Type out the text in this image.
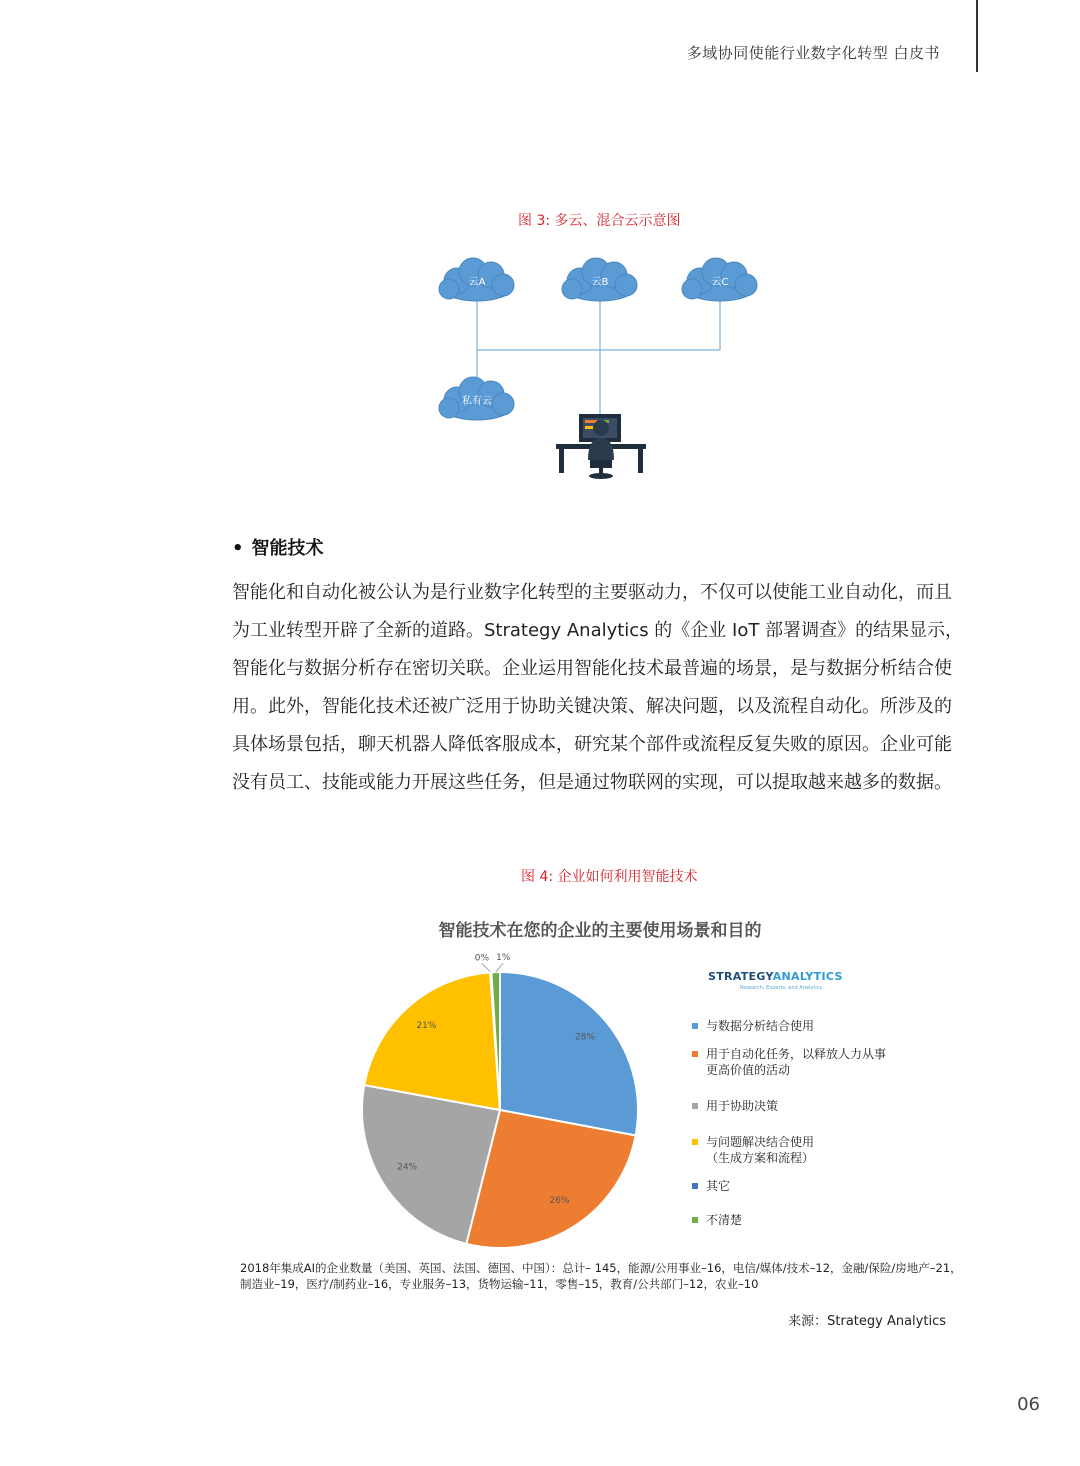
多域协同使能行业数字化转型 白皮书
图 3: 多云、混合云示意图
云A	云B	云C
私有云
• 智能技术
智能化和自动化被公认为是行业数字化转型的主要驱动力，不仅可以使能工业自动化，而且
为工业转型开辟了全新的道路。Strategy Analytics 的《企业 IoT 部署调查》的结果显示，
智能化与数据分析存在密切关联。企业运用智能化技术最普遍的场景，是与数据分析结合使
用。此外，智能化技术还被广泛用于协助关键决策、解决问题，以及流程自动化。所涉及的
具体场景包括，聊天机器人降低客服成本，研究某个部件或流程反复失败的原因。企业可能
没有员工、技能或能力开展这些任务，但是通过物联网的实现，可以提取越来越多的数据。
图 4: 企业如何利用智能技术
智能技术在您的企业的主要使用场景和目的
28%
26%
24%
21%
0% 1%
STRATEGYANALYTICS
Research, Experts, and Analytics
与数据分析结合使用
用于自动化任务，以释放人力从事
更高价值的活动
用于协助决策
与问题解决结合使用
（生成方案和流程）
其它
不清楚
2018年集成AI的企业数量（美国、英国、法国、德国、中国）：总计– 145，能源/公用事业–16，电信/媒体/技术–12，金融/保险/房地产–21，
制造业–19，医疗/制药业–16，专业服务–13，货物运输–11，零售–15，教育/公共部门–12，农业–10
来源：Strategy Analytics
06
